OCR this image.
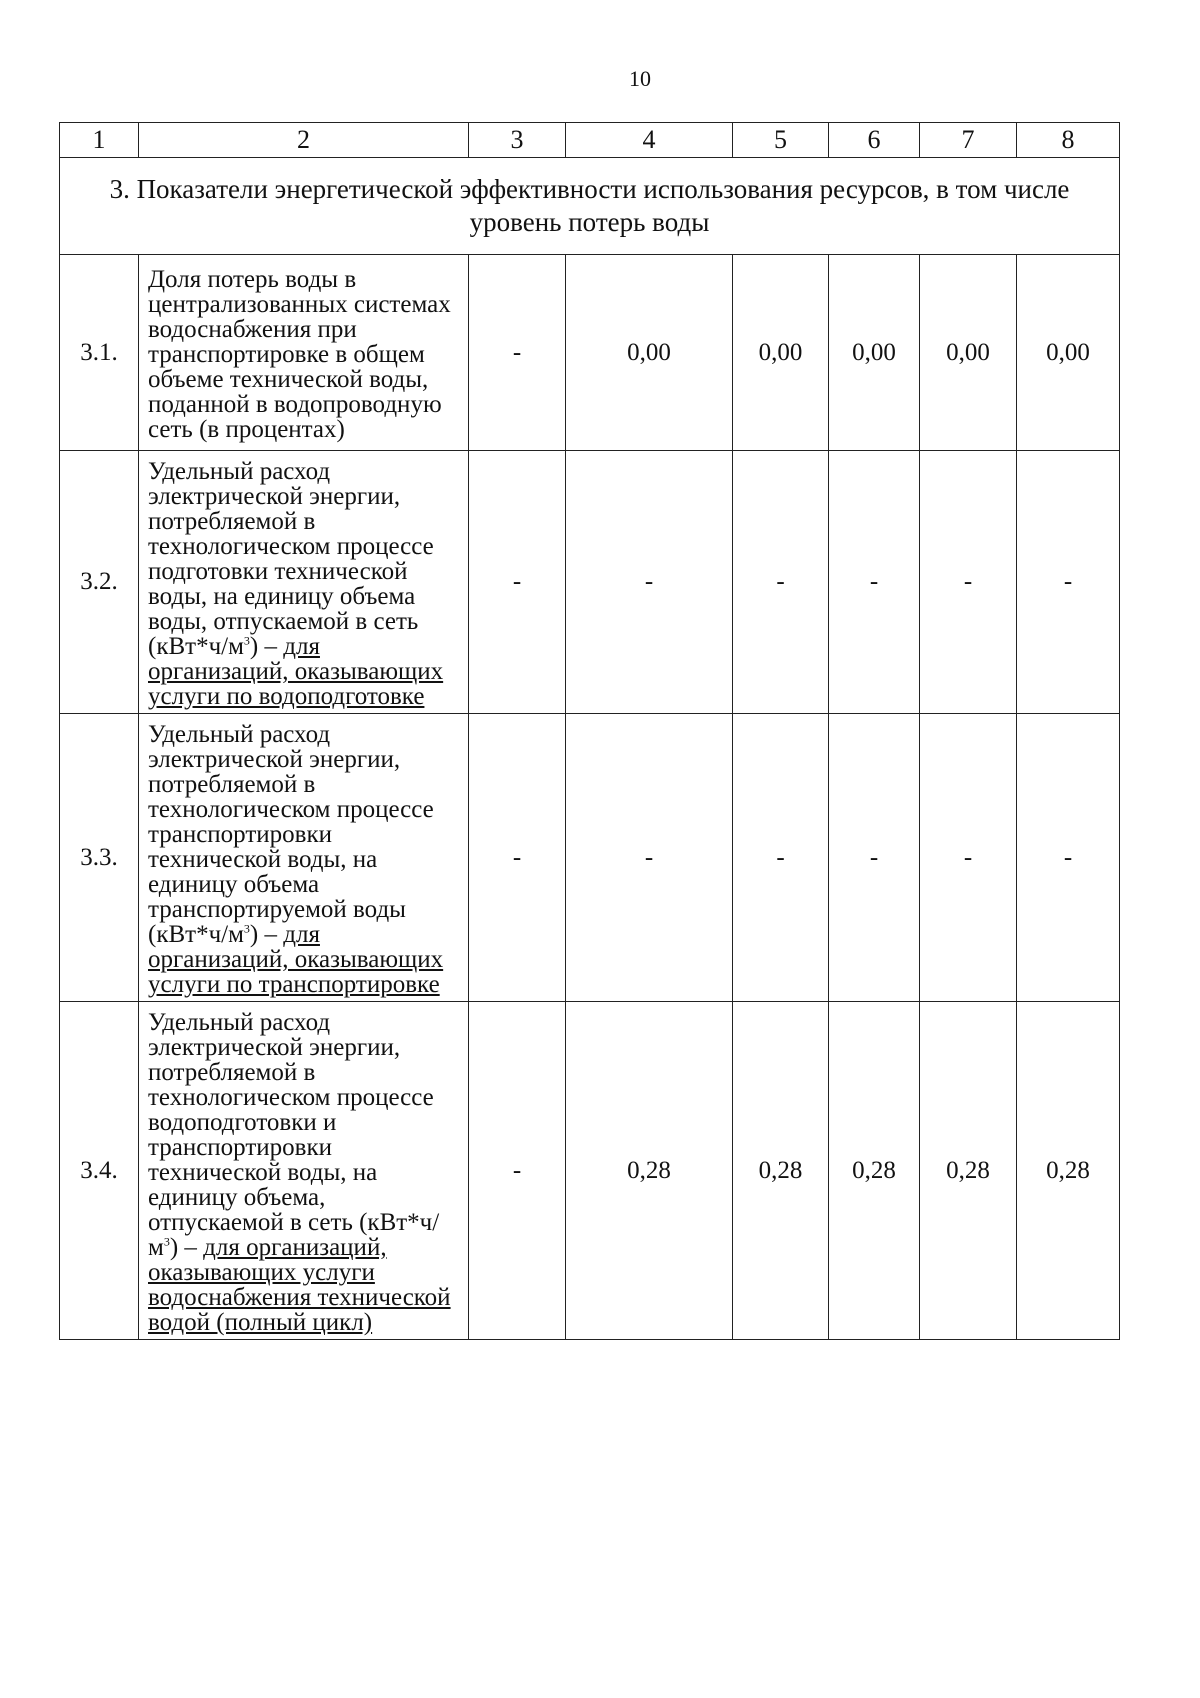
10
1	2	3	4	5	6	7	8
3. Показатели энергетической эффективности использования ресурсов, в том числе уровень потерь воды							
3.1.	Доля потерь воды в централизованных системах водоснабжения при транспортировке в общем объеме технической воды, поданной в водопроводную сеть (в процентах)	-	0,00	0,00	0,00	0,00	0,00
3.2.	Удельный расход электрической энергии, потребляемой в технологическом процессе подготовки технической воды, на единицу объема воды, отпускаемой в сеть $(кВт*ч/м^3)$ – для организаций, оказывающих услуги по водоподготовке	-	-	-	-	-	-
3.3.	Удельный расход электрической энергии, потребляемой в технологическом процессе транспортировки технической воды, на единицу объема транспортируемой воды $(кВт*ч/м^3)$ – для организаций, оказывающих услуги по транспортировке	-	-	-	-	-	-
3.4.	Удельный расход электрической энергии, потребляемой в технологическом процессе водоподготовки и транспортировки технической воды, на единицу объема, отпускаемой в сеть $(кВт*ч/м^3)$ – для организаций, оказывающих услуги водоснабжения технической водой (полный цикл)	-	0,28	0,28	0,28	0,28	0,28
